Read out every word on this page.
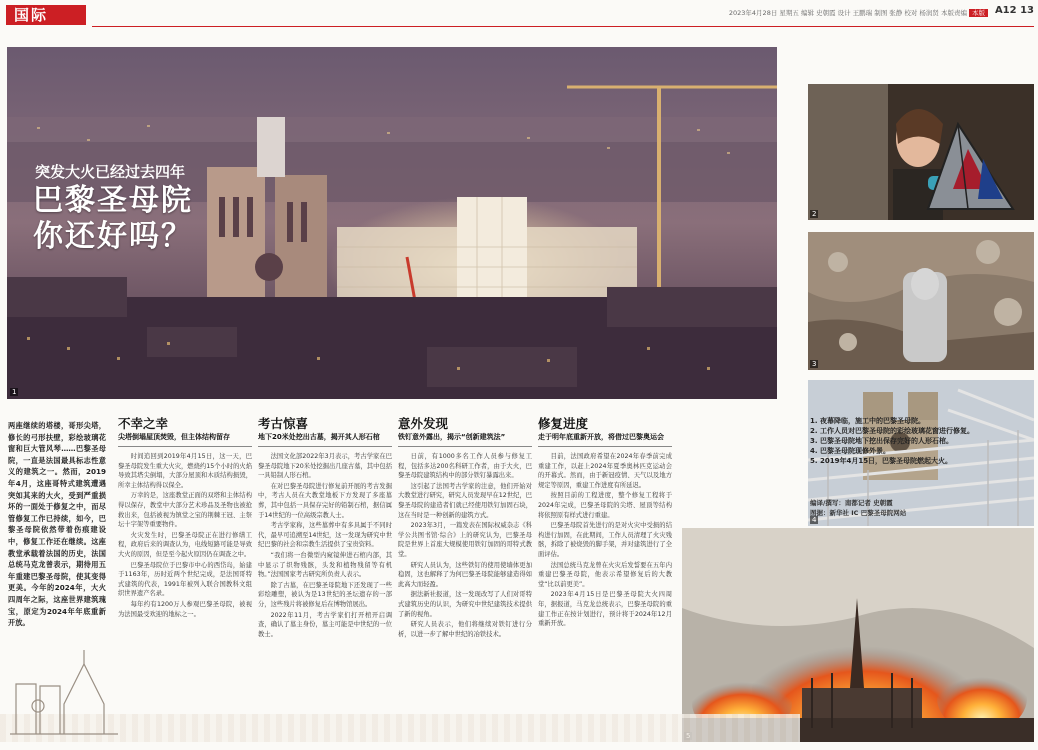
国际	2023年4月28日 星期五 编辑 史朝霞 设计 王鹏瑞 制图 张静 校对 杨润贤 本版责编 本版 A12 13
突发大火已经过去四年
巴黎圣母院
你还好吗？
1
2
3
4
两座继续的塔楼，哥形尖塔，修长的弓形扶壁，彩绘玻璃花窗和巨大管风琴……巴黎圣母院，一直是法国最具标志性意义的建筑之一。然而，2019年4月，这座哥特式建筑遭遇突如其来的大火，受到严重损坏的一面处于修复之中，而尽管修复工作已持续，如今，巴黎圣母院依然带着伤痕建设中，修复工作还在继续。这座教堂承载着法国的历史，法国总统马克龙曾表示，期待用五年重建巴黎圣母院，使其变得更美。今年的2024年，大火四周年之际，这座世界建筑瑰宝，原定为2024年年底重新开放。
不幸之幸
尖塔倒塌屋顶焚毁，但主体结构留存

时间追回到2019年4月15日，这一天，巴黎圣母院发生重大火灾，燃烧约15个小时的火焰导致其塔尖倒塌，大部分屋顶和木质结构损毁，所幸主体结构得以保全。

万幸的是，这座教堂正面的双塔和主体结构得以保存，教堂中大部分艺术珍品及圣物也被抢救出来，包括被视为镇堂之宝的荆棘王冠、主祭坛十字架等重要物件。

火灾发生时，巴黎圣母院正在进行修缮工程，政府后来的调查认为，电线短路可能是导致大火的原因，但是至今起火原因仍在调查之中。

巴黎圣母院位于巴黎市中心的西岱岛，始建于1163年，历时近两个世纪完成，是法国哥特式建筑的代表，1991年被列入联合国教科文组织世界遗产名录。

每年约有1200万人参观巴黎圣母院，被视为法国最受欢迎的地标之一。

考古惊喜
地下20米处挖出古墓，揭开其人形石棺

法国文化部2022年3月表示，考古学家在巴黎圣母院地下20米处挖掘出几座古墓，其中包括一具铅制人形石棺。

在对巴黎圣母院进行修复前开展的考古发掘中，考古人员在大教堂地板下方发现了多座墓葬，其中包括一具保存完好的铅制石棺，据信属于14世纪的一位高级宗教人士。

考古学家称，这些墓葬中有多具属于不同时代，最早可追溯至14世纪，这一发现为研究中世纪巴黎的社会和宗教生活提供了宝贵资料。

“我们将一台微型内窥镜伸进石棺内部，其中显示了织物残骸，头发和植物残留等有机物。”法国国家考古研究所负责人表示。

除了古墓，在巴黎圣母院地下还发现了一些彩绘雕塑，被认为是13世纪的圣坛遗存的一部分，这些残片将被修复后在博物馆展出。

2022年11月，考古学家们打开棺开启调查，确认了墓主身份，墓主可能是中世纪的一位教士。

意外发现
铁钉意外露出，揭示“创新建筑法”

日前，有1000多名工作人员参与修复工程，包括多达200名科研工作者，由于大火，巴黎圣母院建筑结构中的部分铁钉暴露出来。

这引起了法国考古学家的注意，他们开始对大教堂进行研究，研究人员发现早在12世纪，巴黎圣母院的建造者们就已经使用铁钉加固石块，这在当时是一种创新的建筑方式。

2023年3月，一篇发表在国际权威杂志《科学公共图书馆·综合》上的研究认为，巴黎圣母院是世界上首座大规模使用铁钉加固的哥特式教堂。

研究人员认为，这些铁钉的使用使墙体更加稳固，这也解释了为何巴黎圣母院能够建造得如此高大而轻盈。

据法新社报道，这一发现改写了人们对哥特式建筑历史的认识，为研究中世纪建筑技术提供了新的视角。

研究人员表示，他们将继续对铁钉进行分析，以进一步了解中世纪的冶铁技术。

修复进度
走于明年底重新开放，将借过巴黎奥运会

目前，法国政府希望在2024年春季前完成重建工作，以赶上2024年夏季奥林匹克运动会的开幕式。然而，由于新冠疫情、天气以及地方规定等原因，重建工作进度有所延迟。

按照目前的工程进度，整个修复工程将于2024年完成，巴黎圣母院的尖塔、屋顶等结构将依照原有样式进行重建。

巴黎圣母院首先进行的是对火灾中受损的结构进行加固，在此期间，工作人员清理了火灾残骸，拆除了被烧毁的脚手架，并对建筑进行了全面评估。

法国总统马克龙曾在火灾后发誓要在五年内重建巴黎圣母院，他表示希望修复后的大教堂“比以前更美”。

2023年4月15日是巴黎圣母院大火四周年，据报道，马克龙总统表示，巴黎圣母院的重建工作正在按计划进行，预计将于2024年12月重新开放。

1. 夜幕降临，施工中的巴黎圣母院。
2. 工作人员对巴黎圣母院的彩绘玻璃花窗进行修复。
3. 巴黎圣母院地下挖出保存完好的人形石棺。
4. 巴黎圣母院现修外景。
5. 2019年4月15日，巴黎圣母院燃起大火。
编译/撰写：南都记者 史朝霞
图据：新华社 IC 巴黎圣母院网站
